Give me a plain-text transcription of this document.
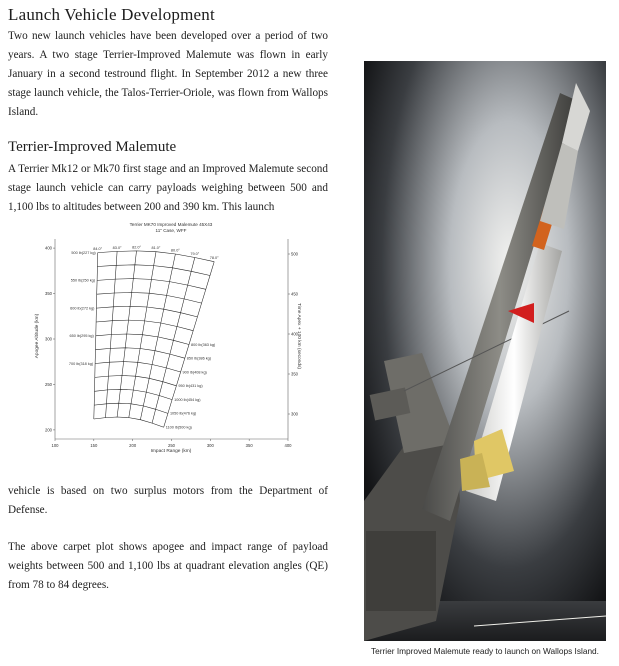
Launch Vehicle Development

Two new launch vehicles have been developed over a period of two years. A two stage Terrier-Improved Malemute was flown in early January in a second testround flight. In September 2012 a new three stage launch vehicle, the Talos-Terrier-Oriole, was flown from Wallops Island.

Terrier-Improved Malemute

A Terrier Mk12 or Mk70 first stage and an Improved Malemute second stage launch vehicle can carry payloads weighing between 500 and 1,100 lbs to altitudes between 200 and 390 km. This launch

Terrier MK70 Improved Malemute 45X43
11" Case, WFF
Impact Range (km)
Apogee Altitude (km)	Time Apex + 100 km (seconds)
100	150	200	250	300	350	400
200
250
300
350
400
300
350
400
450
500
84.0°	83.0°	82.0°	81.0°
80.0°
79.0°
78.0°
500 lb(227 kg)
550 lb(250 kg)
600 lb(272 kg)
650 lb(295 kg)
700 lb(318 kg)
800 lb(363 kg)
850 lb(386 kg)
900 lb(408 kg)
950 lb(431 kg)
1000 lb(454 kg)
1050 lb(476 kg)
1100 lb(500 kg)

vehicle is based on two surplus motors from the Department of Defense.

The above carpet plot shows apogee and impact range of payload weights between 500 and 1,100 lbs at quadrant elevation angles (QE) from 78 to 84 degrees.

Terrier Improved Malemute ready to launch on Wallops Island.
